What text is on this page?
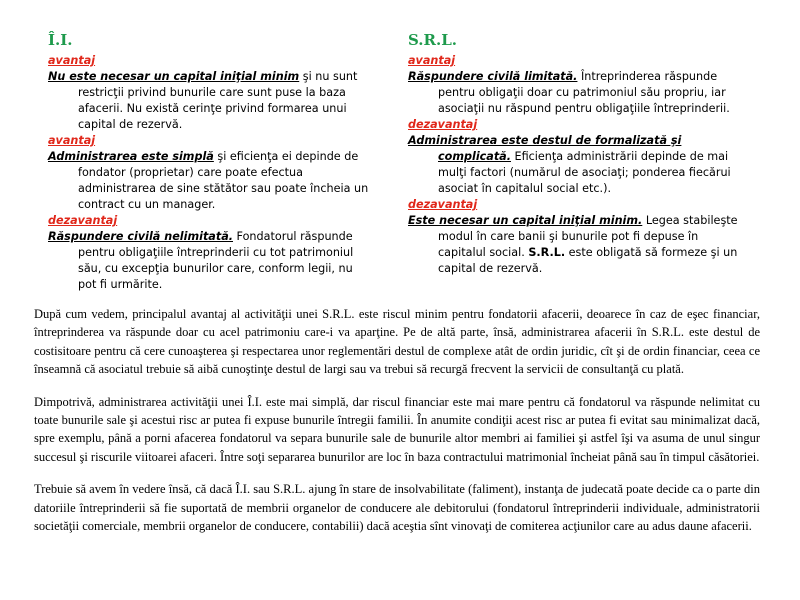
Î.I.
avantaj

Nu este necesar un capital iniţial minim şi nu sunt restricţii privind bunurile care sunt puse la baza afacerii. Nu există cerinţe privind formarea unui capital de rezervă.

avantaj

Administrarea este simplă şi eficienţa ei depinde de fondator (proprietar) care poate efectua administrarea de sine stătător sau poate încheia un contract cu un manager.

dezavantaj

Răspundere civilă nelimitată. Fondatorul răspunde pentru obligaţiile întreprinderii cu tot patrimoniul său, cu excepţia bunurilor care, conform legii, nu pot fi urmărite.

S.R.L.
avantaj

Răspundere civilă limitată. Întreprinderea răspunde pentru obligaţii doar cu patrimoniul său propriu, iar asociaţii nu răspund pentru obligaţiile întreprinderii.

dezavantaj

Administrarea este destul de formalizată şi complicată. Eficienţa administrării depinde de mai mulţi factori (numărul de asociaţi; ponderea fiecărui asociat în capitalul social etc.).

dezavantaj

Este necesar un capital iniţial minim. Legea stabileşte modul în care banii şi bunurile pot fi depuse în capitalul social. S.R.L. este obligată să formeze şi un capital de rezervă.

După cum vedem, principalul avantaj al activităţii unei S.R.L. este riscul minim pentru fondatorii afacerii, deoarece în caz de eşec financiar, întreprinderea va răspunde doar cu acel patrimoniu care-i va aparţine. Pe de altă parte, însă, administrarea afacerii în S.R.L. este destul de costisitoare pentru că cere cunoaşterea şi respectarea unor reglementări destul de complexe atât de ordin juridic, cît şi de ordin financiar, ceea ce înseamnă că asociatul trebuie să aibă cunoştinţe destul de largi sau va trebui să recurgă frecvent la servicii de consultanţă cu plată.

Dimpotrivă, administrarea activităţii unei Î.I. este mai simplă, dar riscul financiar este mai mare pentru că fondatorul va răspunde nelimitat cu toate bunurile sale şi acestui risc ar putea fi expuse bunurile întregii familii. În anumite condiţii acest risc ar putea fi evitat sau minimalizat dacă, spre exemplu, până a porni afacerea fondatorul va separa bunurile sale de bunurile altor membri ai familiei şi astfel îşi va asuma de unul singur succesul şi riscurile viitoarei afaceri. Între soţi separarea bunurilor are loc în baza contractului matrimonial încheiat până sau în timpul căsătoriei.

Trebuie să avem în vedere însă, că dacă Î.I. sau S.R.L. ajung în stare de insolvabilitate (faliment), instanţa de judecată poate decide ca o parte din datoriile întreprinderii să fie suportată de membrii organelor de conducere ale debitorului (fondatorul întreprinderii individuale, administratorii societăţii comerciale, membrii organelor de conducere, contabilii) dacă aceştia sînt vinovaţi de comiterea acţiunilor care au adus daune afacerii.
